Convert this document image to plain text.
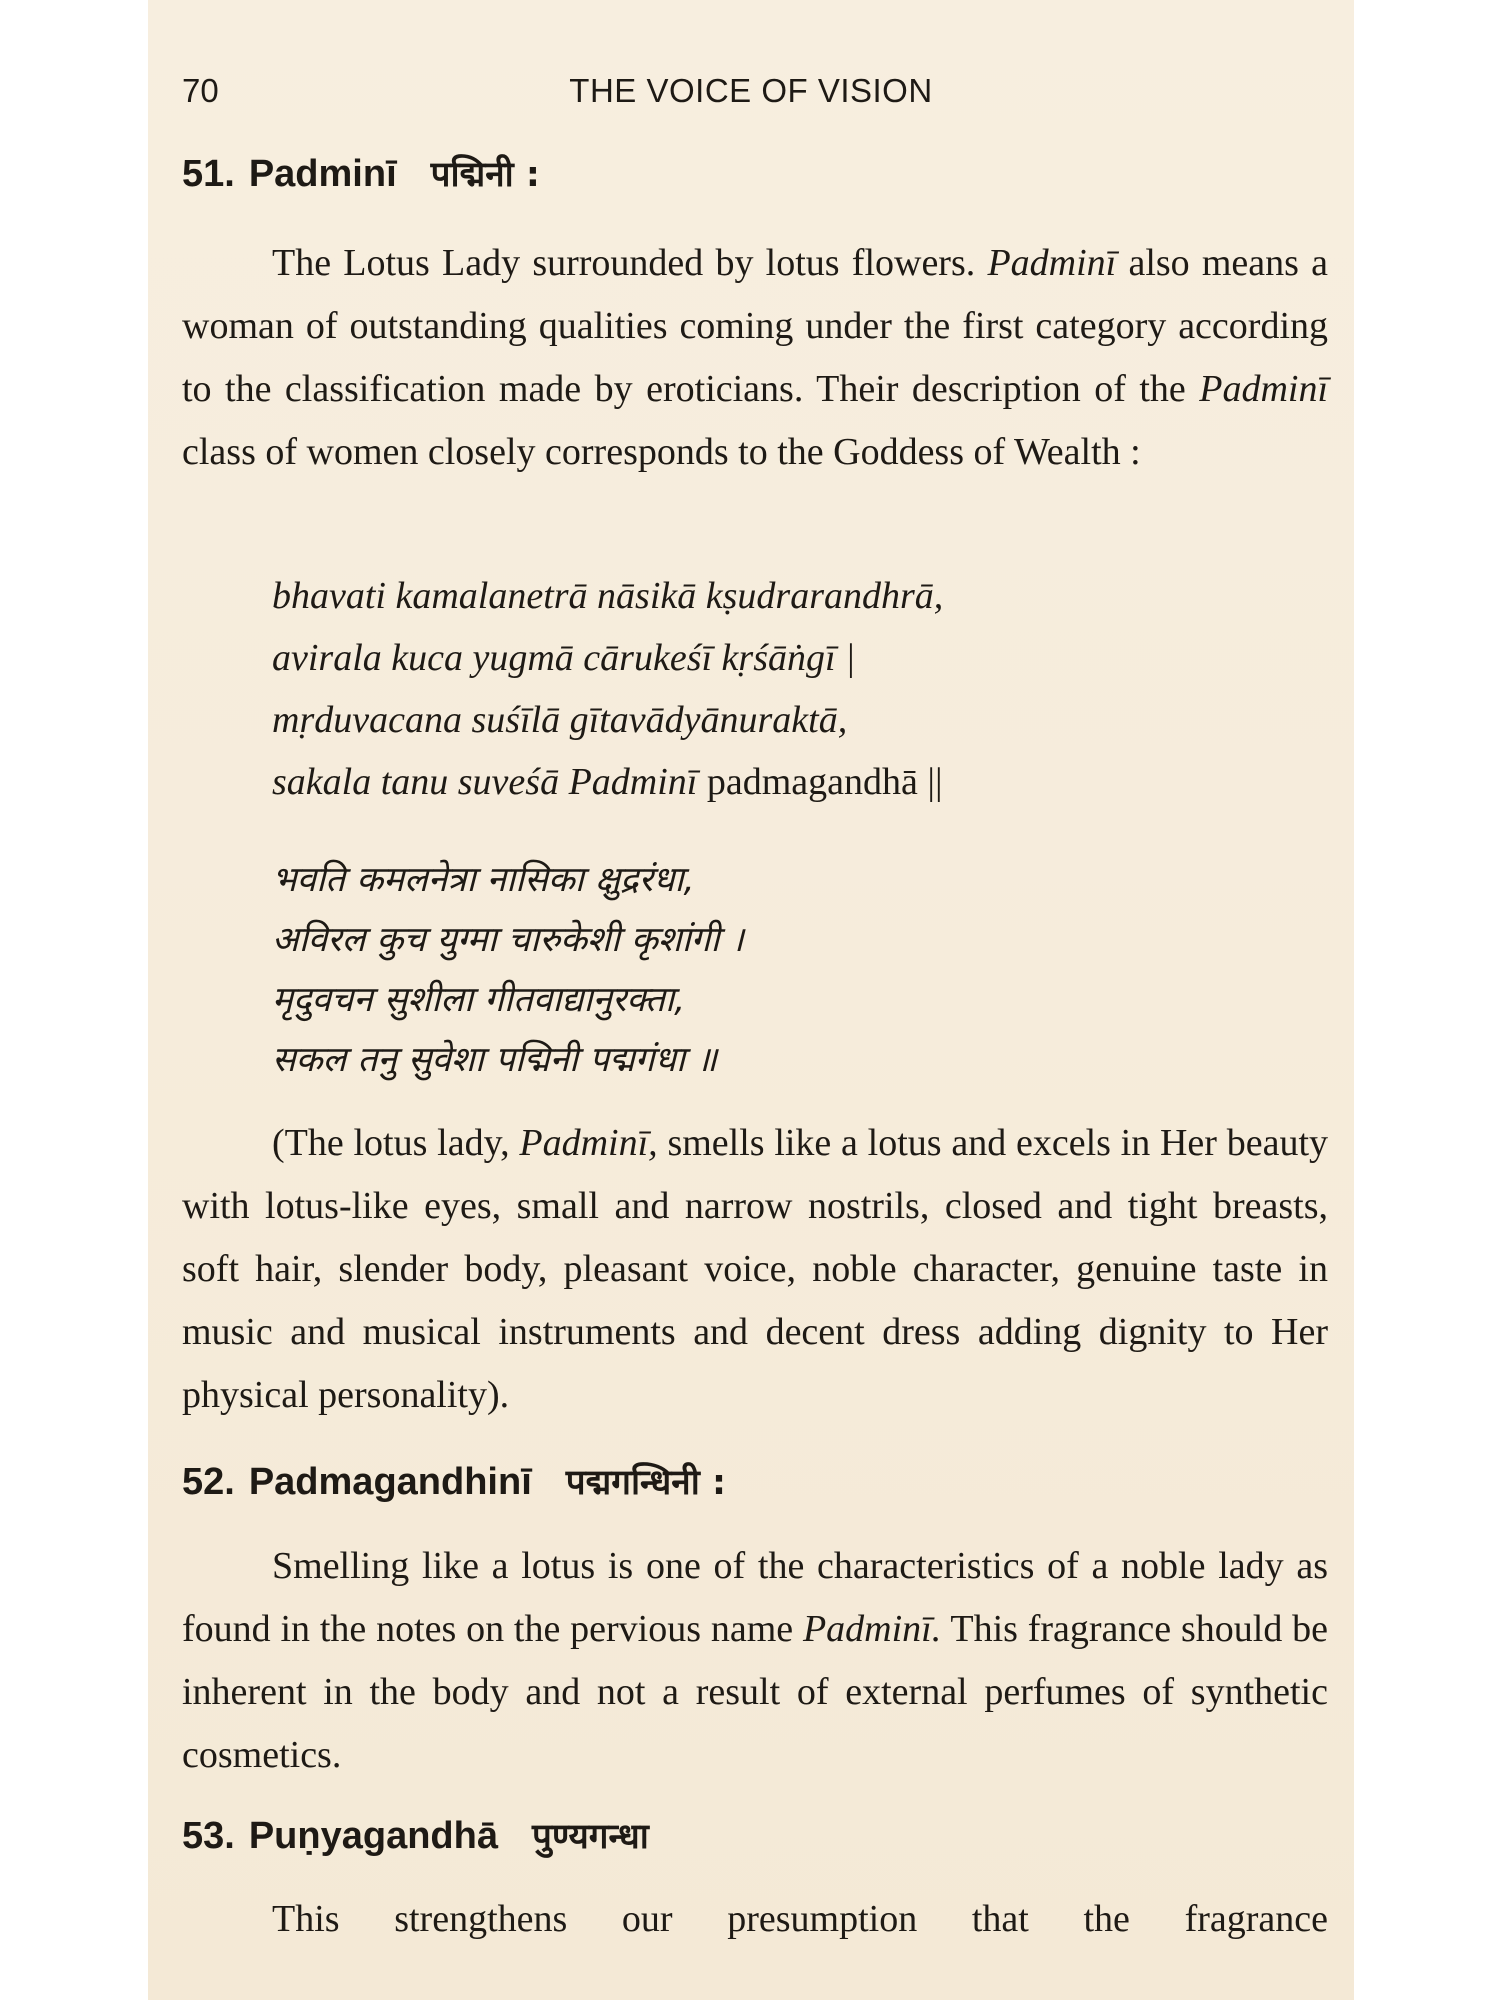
70	THE VOICE OF VISION
51. Padminī पद्मिनी :

The Lotus Lady surrounded by lotus flowers. Padminī also means a woman of outstanding qualities coming under the first category according to the classification made by eroticians. Their description of the Padminī class of women closely corresponds to the Goddess of Wealth :

bhavati kamalanetrā nāsikā kṣudrarandhrā,
avirala kuca yugmā cārukeśī kṛśāṅgī |
mṛduvacana suśīlā gītavādyānuraktā,
sakala tanu suveśā Padminī padmagandhā ||
भवति कमलनेत्रा नासिका क्षुद्ररंधा,
अविरल कुच युग्मा चारुकेशी कृशांगी ।
मृदुवचन सुशीला गीतवाद्यानुरक्ता,
सकल तनु सुवेशा पद्मिनी पद्मगंधा ॥

(The lotus lady, Padminī, smells like a lotus and excels in Her beauty with lotus-like eyes, small and narrow nostrils, closed and tight breasts, soft hair, slender body, pleasant voice, noble character, genuine taste in music and musical instruments and decent dress adding dignity to Her physical personality).

52. Padmagandhinī पद्मगन्धिनी :

Smelling like a lotus is one of the characteristics of a noble lady as found in the notes on the pervious name Padminī. This fragrance should be inherent in the body and not a result of external perfumes of synthetic cosmetics.

53. Puṇyagandhā पुण्यगन्धा

This strengthens our presumption that the fragrance
